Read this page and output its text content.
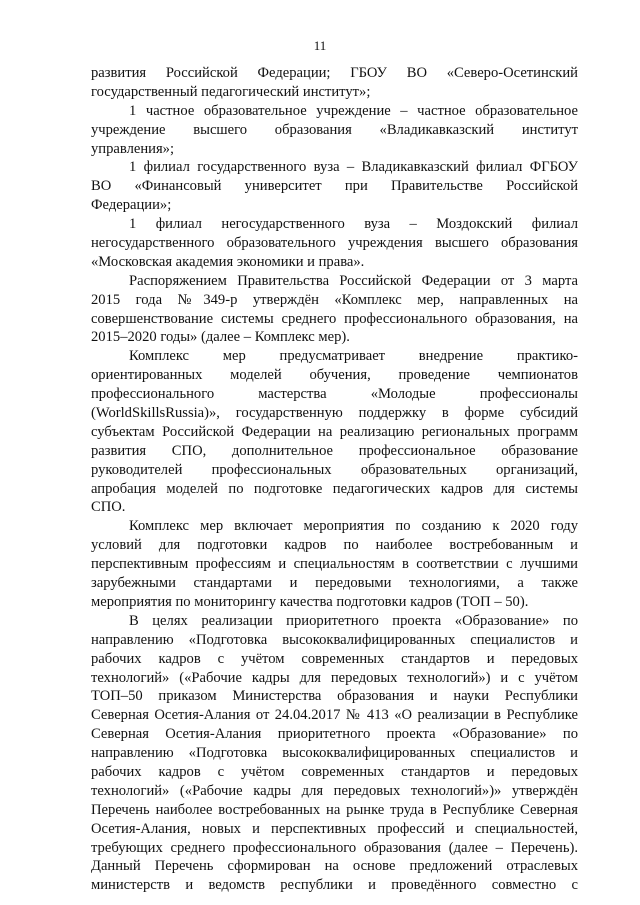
11
развития Российской Федерации; ГБОУ ВО «Северо-Осетинский
государственный педагогический институт»;
1 частное образовательное учреждение – частное образовательное
учреждение высшего образования «Владикавказский институт
управления»;
1 филиал государственного вуза – Владикавказский филиал ФГБОУ
ВО «Финансовый университет при Правительстве Российской
Федерации»;
1 филиал негосударственного вуза – Моздокский филиал
негосударственного образовательного учреждения высшего образования
«Московская академия экономики и права».
Распоряжением Правительства Российской Федерации от 3 марта
2015 года №349-р утверждён «Комплекс мер, направленных на
совершенствование системы среднего профессионального образования, на
2015–2020 годы» (далее – Комплекс мер).
Комплекс мер предусматривает внедрение практико-
ориентированных моделей обучения, проведение чемпионатов
профессионального мастерства «Молодые профессионалы
(WorldSkillsRussia)», государственную поддержку в форме субсидий
субъектам Российской Федерации на реализацию региональных программ
развития СПО, дополнительное профессиональное образование
руководителей профессиональных образовательных организаций,
апробация моделей по подготовке педагогических кадров для системы
СПО.
Комплекс мер включает мероприятия по созданию к 2020 году
условий для подготовки кадров по наиболее востребованным и
перспективным профессиям и специальностям в соответствии с лучшими
зарубежными стандартами и передовыми технологиями, а также
мероприятия по мониторингу качества подготовки кадров (ТОП – 50).
В целях реализации приоритетного проекта «Образование» по
направлению «Подготовка высококвалифицированных специалистов и
рабочих кадров с учётом современных стандартов и передовых
технологий» («Рабочие кадры для передовых технологий») и с учётом
ТОП–50 приказом Министерства образования и науки Республики
Северная Осетия-Алания от 24.04.2017 № 413 «О реализации в Республике
Северная Осетия-Алания приоритетного проекта «Образование» по
направлению «Подготовка высококвалифицированных специалистов и
рабочих кадров с учётом современных стандартов и передовых
технологий» («Рабочие кадры для передовых технологий»)» утверждён
Перечень наиболее востребованных на рынке труда в Республике Северная
Осетия-Алания, новых и перспективных профессий и специальностей,
требующих среднего профессионального образования (далее – Перечень).
Данный Перечень сформирован на основе предложений отраслевых
министерств и ведомств республики и проведённого совместно с
